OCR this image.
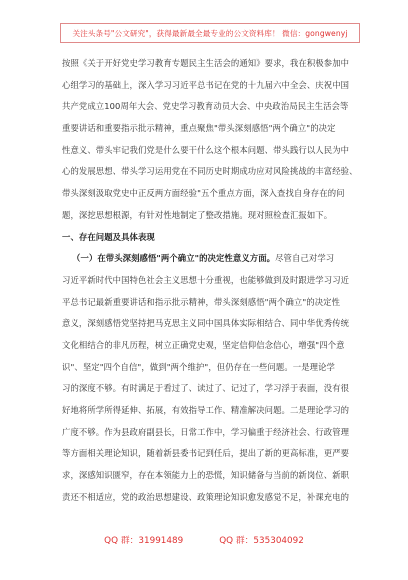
关注头条号"公文研究"，获得最新最全最专业的公文资料库！ 微信：gongwenyj
按照《关于开好党史学习教育专题民主生活会的通知》要求，我在积极参加中
心组学习的基础上，深入学习习近平总书记在党的十九届六中全会、庆祝中国
共产党成立100周年大会、党史学习教育动员大会、中央政治局民主生活会等
重要讲话和重要指示批示精神，重点聚焦"带头深刻感悟"两个确立"的决定
性意义、带头牢记我们党是什么要干什么这个根本问题、带头践行以人民为中
心的发展思想、带头学习运用党在不同历史时期成功应对风险挑战的丰富经验、
带头深刻汲取党史中正反两方面经验"五个重点方面，深入查找自身存在的问
题，深挖思想根源，有针对性地制定了整改措施。现对照检查汇报如下。
一、存在问题及具体表现
（一）在带头深刻感悟"两个确立"的决定性意义方面。尽管自己对学习
习近平新时代中国特色社会主义思想十分重视，也能够做到及时跟进学习习近
平总书记最新重要讲话和指示批示精神，带头深刻感悟"两个确立"的决定性
意义，深刻感悟党坚持把马克思主义同中国具体实际相结合、同中华优秀传统
文化相结合的非凡历程，树立正确党史观，坚定信仰信念信心，增强"四个意
识"、坚定"四个自信"，做到"两个维护"，但仍存在一些问题。一是理论学
习的深度不够。有时满足于看过了、读过了、记过了，学习浮于表面，没有很
好地将所学所得延伸、拓展，有效指导工作、精准解决问题。二是理论学习的
广度不够。作为县政府副县长，日常工作中，学习偏重于经济社会、行政管理
等方面相关理论知识，随着新县委书记到任后，提出了新的更高标准，更严要
求，深感知识匮窄，存在本领能力上的恐慌，知识储备与当前的新岗位、新职
责还不相适应，党的政治思想建设、政策理论知识愈发感觉不足，补课充电的
QQ 群：31991489	QQ 群：535304092
